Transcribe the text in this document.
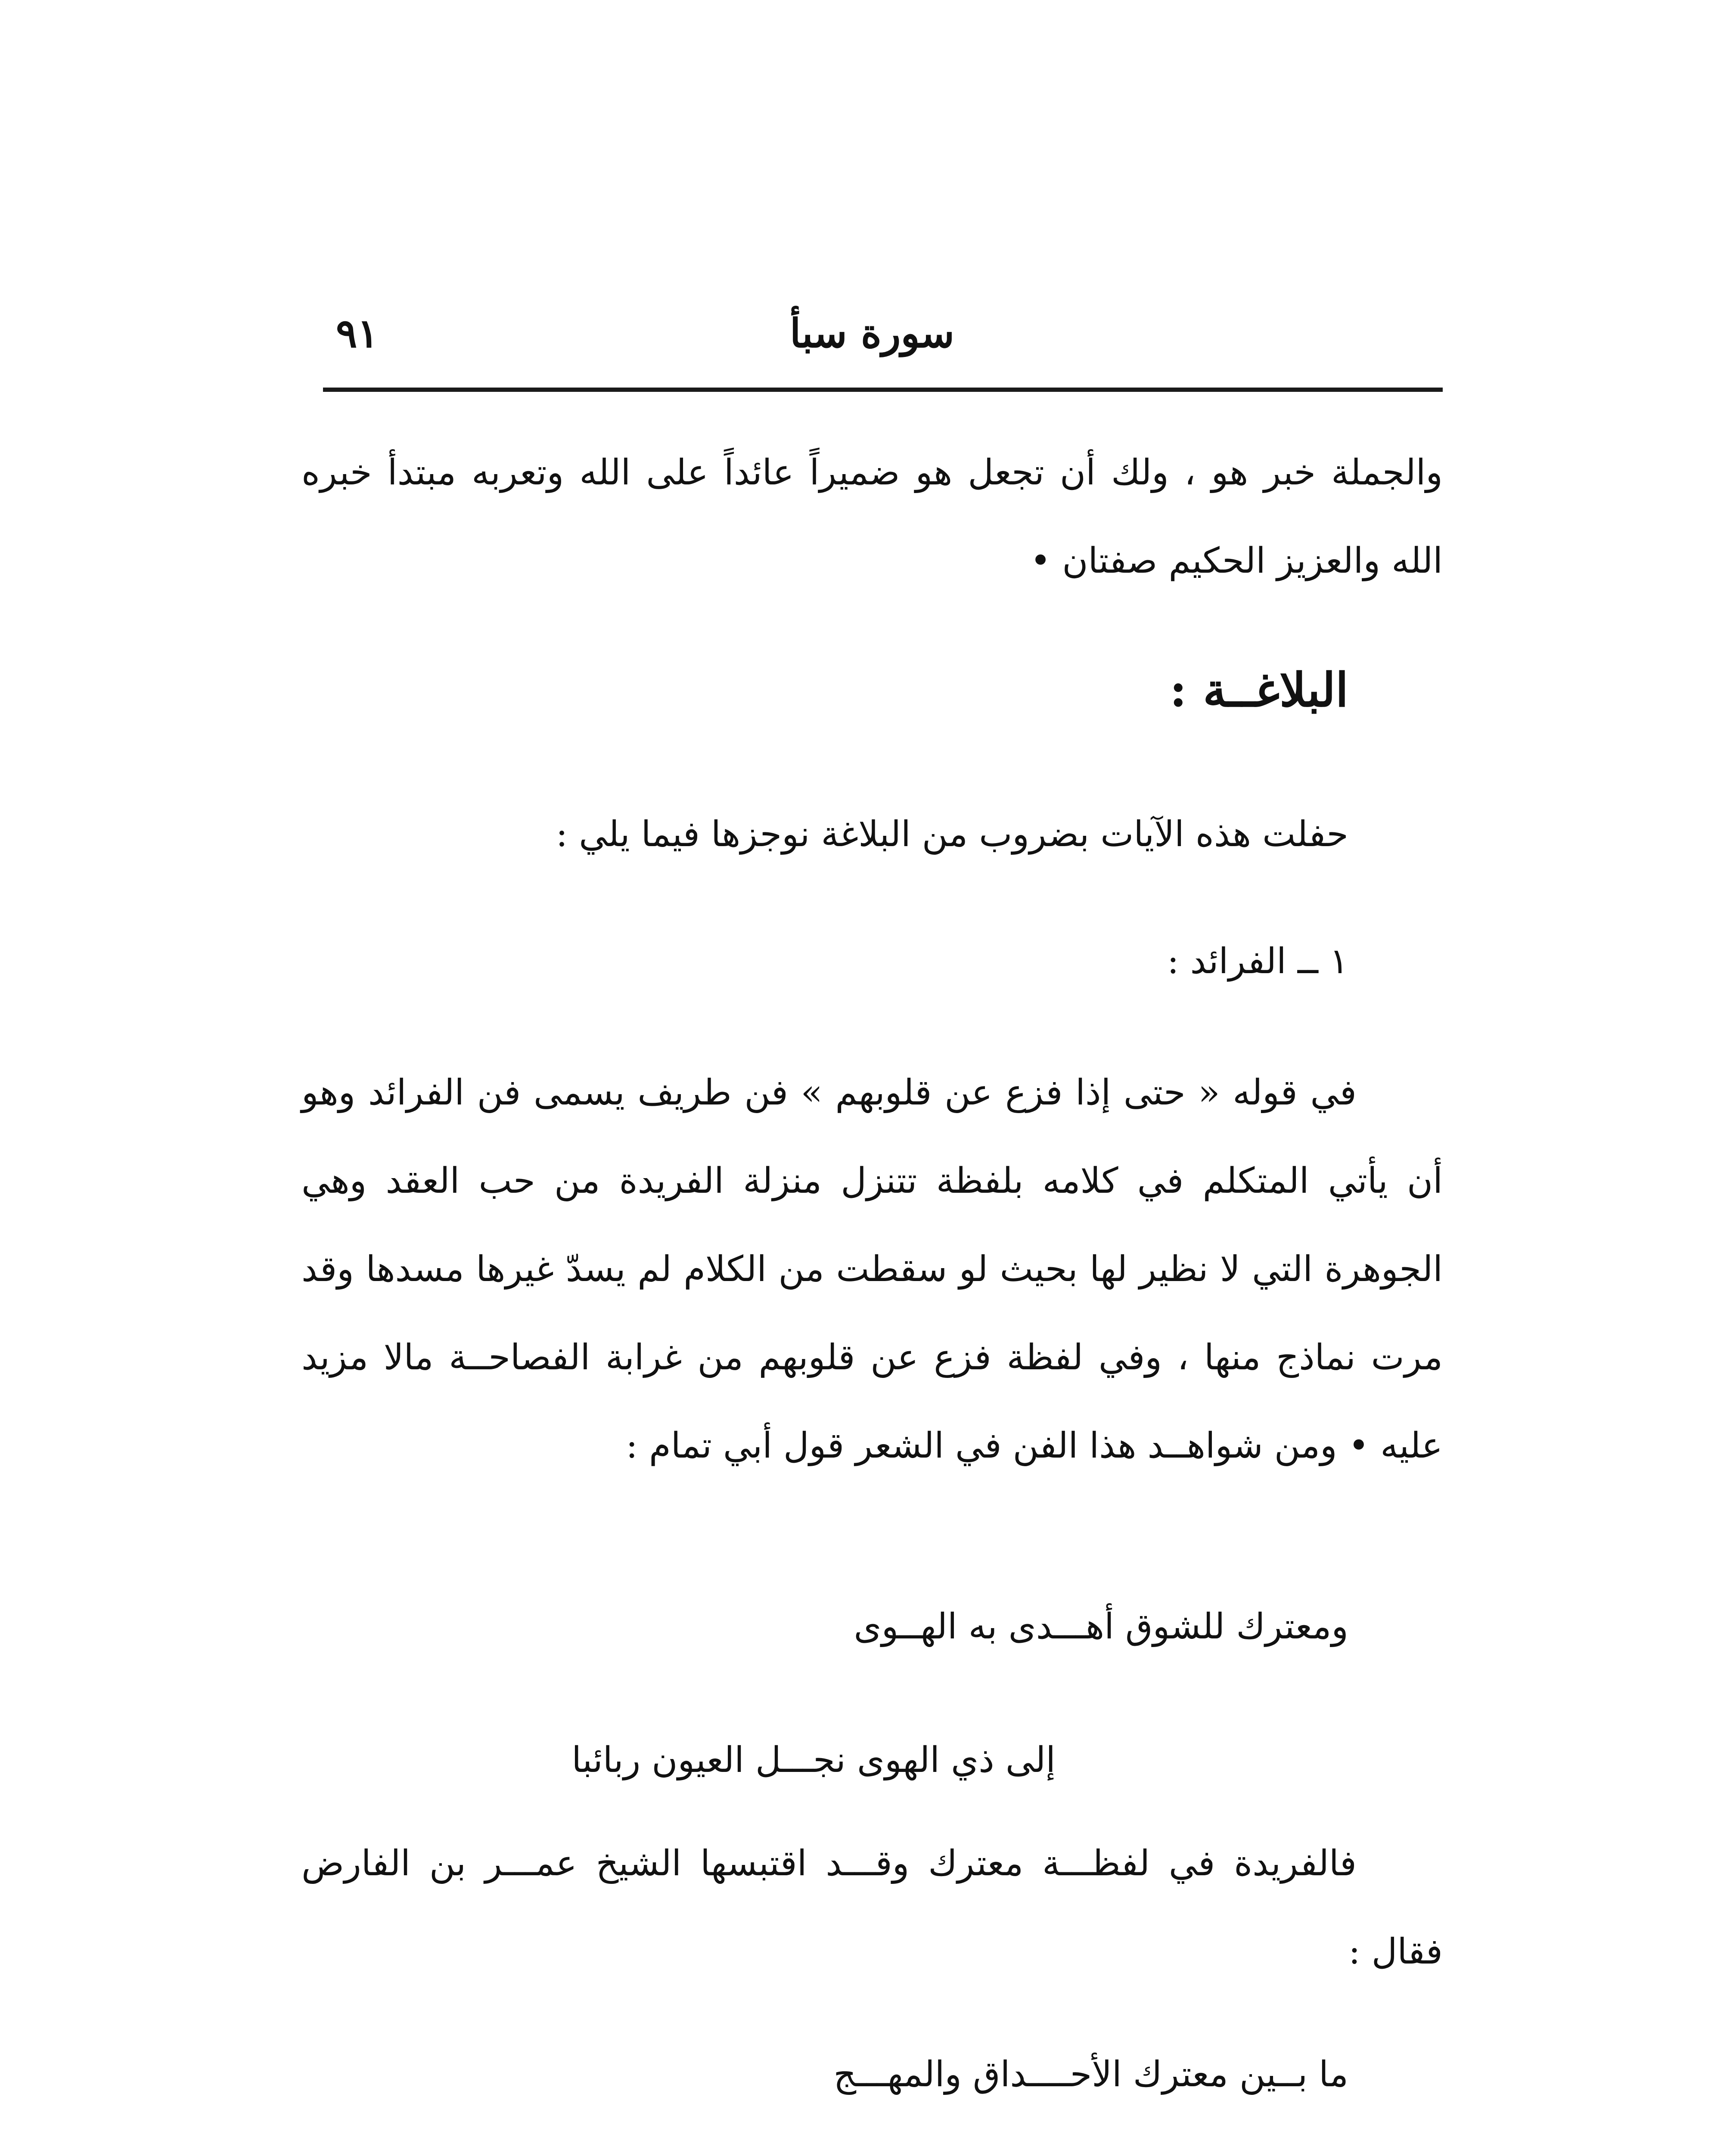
سورة سبأ
٩١
والجملة خبر هو ، ولك أن تجعل هو ضميراً عائداً على الله وتعربه مبتدأ خبره الله والعزيز الحكيم صفتان •
البلاغــة :
حفلت هذه الآيات بضروب من البلاغة نوجزها فيما يلي :
١ ــ الفرائد :
في قوله « حتى إذا فزع عن قلوبهم » فن طريف يسمى فن الفرائد وهو أن يأتي المتكلم في كلامه بلفظة تتنزل منزلة الفريدة من حب العقد وهي الجوهرة التي لا نظير لها بحيث لو سقطت من الكلام لم يسدّ غيرها مسدها وقد مرت نماذج منها ، وفي لفظة فزع عن قلوبهم من غرابة الفصاحــة مالا مزيد عليه • ومن شواهــد هذا الفن في الشعر قول أبي تمام :
ومعترك للشوق أهـــدى به الهــوى
إلى ذي الهوى نجـــل العيون ربائبا
فالفريدة في لفظـــة معترك وقـــد اقتبسها الشيخ عمـــر بن الفارض فقال :
ما بــين معترك الأحــــداق والمهـــج
